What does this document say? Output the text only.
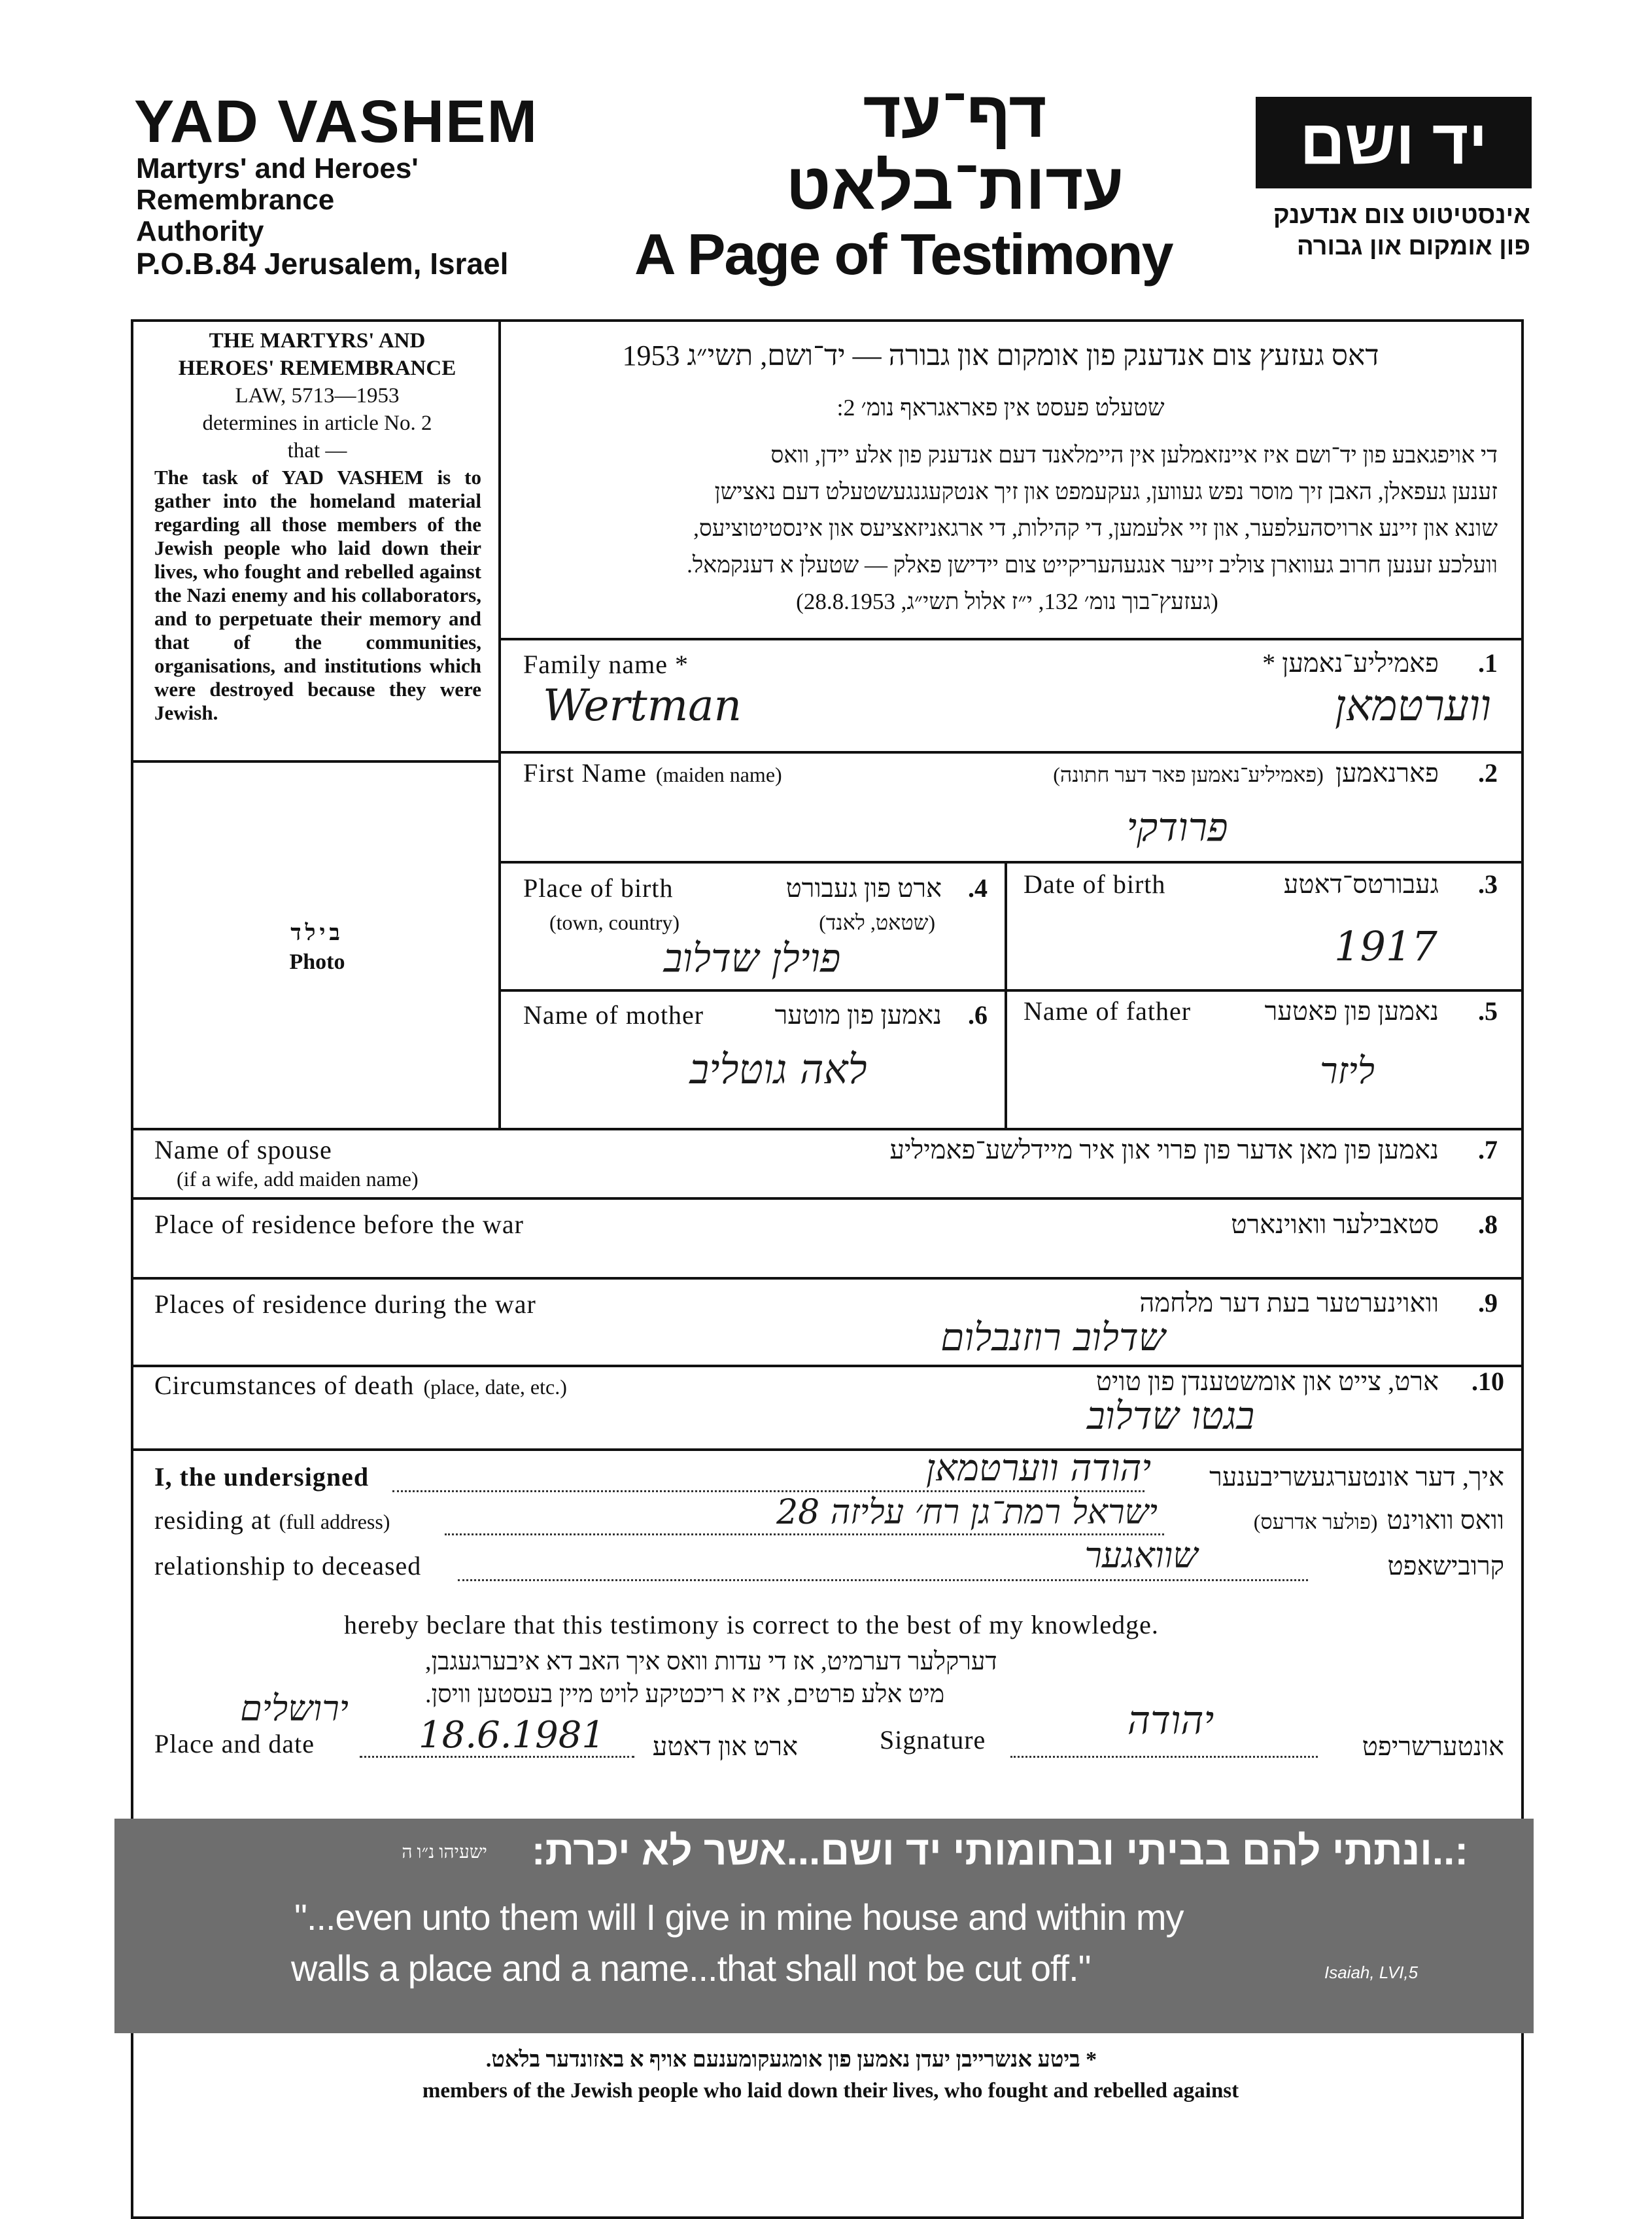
YAD VASHEM
Martyrs' and Heroes'
Remembrance
Authority
P.O.B.84 Jerusalem, Israel
דף־עד
עדות־בלאט
A Page of Testimony
יד ושם
אינסטיטוט צום אנדענק
פון אומקום און גבורה
THE MARTYRS' AND
HEROES' REMEMBRANCE
LAW, 5713—1953
determines in article No. 2
that —
The task of YAD VASHEM is to gather into the homeland material regarding all those members of the Jewish people who laid down their lives, who fought and rebelled against the Nazi enemy and his collaborators, and to perpetuate their memory and that of the communities, organisations, and institutions which were destroyed because they were Jewish.
בילד
Photo
דאס געזעץ צום אנדענק פון אומקום און גבורה — יד־ושם, תשי״ג 1953
שטעלט פעסט אין פאראגראף נומ׳ 2:
די אויפגאבע פון יד־ושם איז איינזאמלען אין היימלאנד דעם אנדענק פון אלע יידן, וואס
זענען געפאלן, האבן זיך מוסר נפש געווען, געקעמפט און זיך אנטקעגנגעשטעלט דעם נאצישן
שונא און זיינע ארויסהעלפער, און זיי אלעמען, די קהילות, די ארגאניזאציעס און אינסטיטוציעס,
וועלכע זענען חרוב געווארן צוליב זייער אנגעהעריקייט צום יידישן פאלק — שטעלן א דענקמאל.
(געזעץ־בוך נומ׳ 132, י״ז אלול תשי״ג, 28.8.1953)
Family name *	פאמיליע־נאמען *	.1
Wertman	ווערטמאן
First Name (maiden name)	פארנאמען (פאמיליע־נאמען פאר דער חתונה)	.2
פרודקי
Date of birth	געבורטס־דאטע	.3
1917
Place of birth	ארט פון געבורט	.4
(town, country)	(שטאט, לאנד)
פוילן שדלוב
Name of father	נאמען פון פאטער	.5
ליזר
Name of mother	נאמען פון מוטער	.6
לאה גוטליב
Name of spouse
(if a wife, add maiden name)
נאמען פון מאן אדער פון פרוי און איר מיידלשע־פאמיליע	.7
Place of residence before the war	סטאבילער וואוינארט	.8
Places of residence during the war	וואוינערטער בעת דער מלחמה	.9
שדלוב רוזנבלום
Circumstances of death (place, date, etc.)	ארט, צייט און אומשטענדן פון טויט	.10
בגטו שדלוב
I, the undersigned	יהודה ווערטמאן	איך, דער אונטערגעשריבענער
residing at (full address)	ישראל רמת־גן רח׳ עליזה 28	וואס וואוינט (פולער אדרעס)
relationship to deceased	שוואגער	קרובישאפט
hereby beclare that this testimony is correct to the best of my knowledge.
דערקלער דערמיט, אז די עדות וואס איך האב דא איבערגעגבן,
מיט אלע פרטים, איז א ריכטיקע לויט מיין בעסטען וויסן.
Place and date
ירושלים
18.6.1981	ארט און דאטע	Signature	יהודה
אונטערשריפט
:..ונתתי להם בביתי ובחומותי יד ושם...אשר לא יכרת:
ישעיהו נ״ו ה
"...even unto them will I give in mine house and within my
walls a place and a name...that shall not be cut off."	Isaiah, LVI,5
* ביטע אנשרייבן יעדן נאמען פון אומגעקומענעם אויף א באזונדער בלאט.
members of the Jewish people who laid down their lives, who fought and rebelled against
